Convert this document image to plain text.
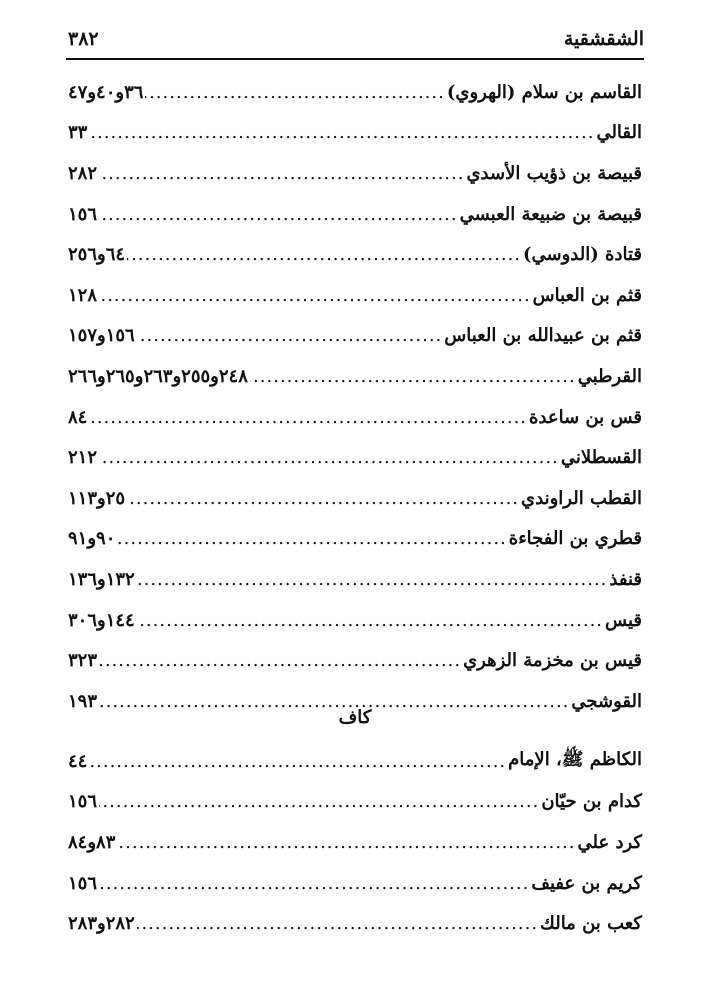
الشقشقية
٣٨٢
القاسم بن سلام (الهروي)
.....
٣٦و٤٠و٤٧
القالي
.....
٣٣
قبيصة بن ذؤيب الأسدي
.....
٢٨٢
قبيصة بن ضبيعة العبسي
.....
١٥٦
قتادة (الدوسي)
.....
٦٤و٢٥٦
قثم بن العباس
.....
١٢٨
قثم بن عبيدالله بن العباس
.....
١٥٦و١٥٧
القرطبي
.....
٢٤٨و٢٥٥و٢٦٣و٢٦٥و٢٦٦
قس بن ساعدة
.....
٨٤
القسطلاني
.....
٢١٢
القطب الراوندي
.....
٢٥و١١٣
قطري بن الفجاءة
.....
٩٠و٩١
قنفذ
.....
١٣٢و١٣٦
قيس
.....
١٤٤و٣٠٦
قيس بن مخزمة الزهري
.....
٣٢٣
القوشجي
.....
١٩٣
كاف
الكاظم ﷺ، الإمام
.....
٤٤
كدام بن حيّان
.....
١٥٦
كرد علي
.....
٨٣و٨٤
كريم بن عفيف
.....
١٥٦
كعب بن مالك
.....
٢٨٢و٢٨٣
